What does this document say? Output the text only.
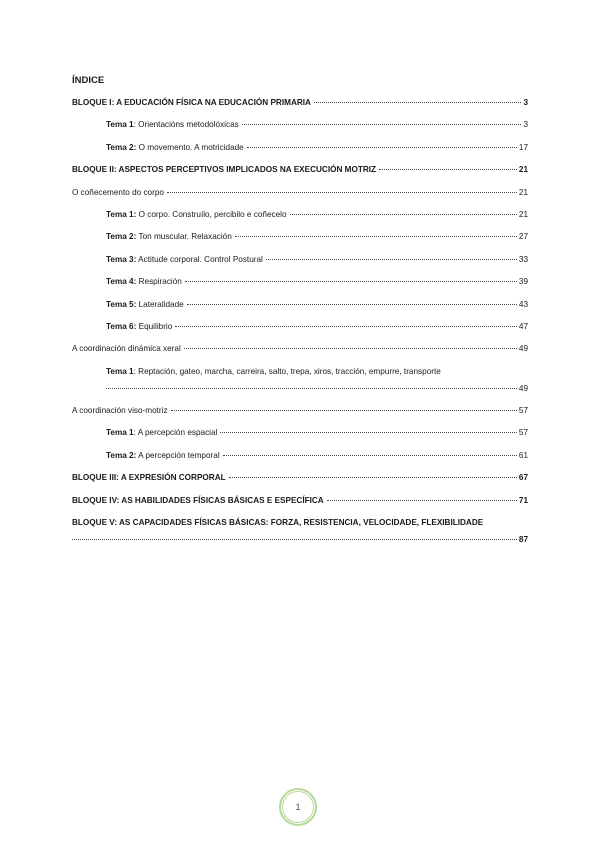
ÍNDICE
BLOQUE I: A EDUCACIÓN FÍSICA NA EDUCACIÓN PRIMARIA	3
Tema 1: Orientacións metodolóxicas	3
Tema 2: O movemento. A motricidade	17
BLOQUE II: ASPECTOS PERCEPTIVOS IMPLICADOS NA EXECUCIÓN MOTRIZ	21
O coñecemento do corpo	21
Tema 1: O corpo. Construílo, percibilo e coñecelo	21
Tema 2: Ton muscular. Relaxación	27
Tema 3: Actitude corporal. Control Postural	33
Tema 4: Respiración	39
Tema 5: Lateralidade	43
Tema 6: Equilibrio	47
A coordinación dinámica xeral	49
Tema 1: Reptación, gateo, marcha, carreira, salto, trepa, xiros, tracción, empurre, transporte
49
A coordinación viso-motriz	57
Tema 1: A percepción espacial	57
Tema 2: A percepción temporal	61
BLOQUE III: A EXPRESIÓN CORPORAL	67
BLOQUE IV: AS HABILIDADES FÍSICAS BÁSICAS E ESPECÍFICA	71
BLOQUE V: AS CAPACIDADES FÍSICAS BÁSICAS: FORZA, RESISTENCIA, VELOCIDADE, FLEXIBILIDADE
87
1
